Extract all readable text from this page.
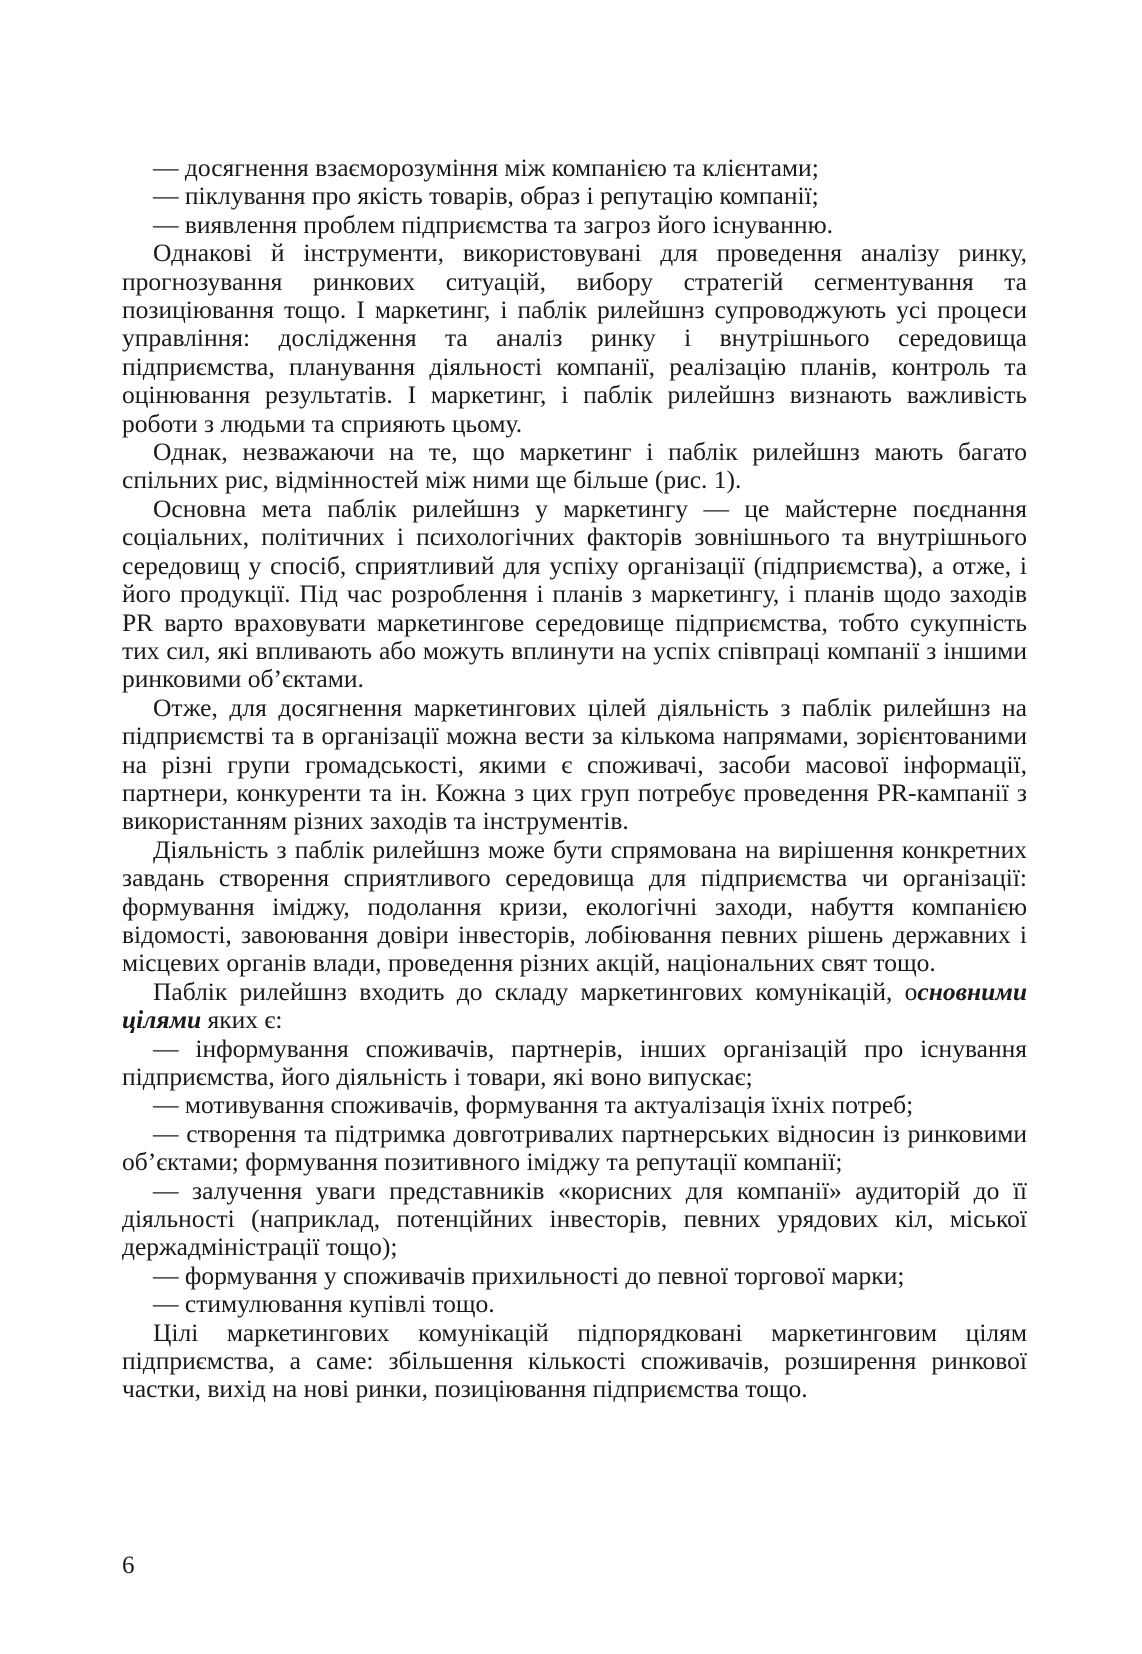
— досягнення взаєморозуміння між компанією та клієнтами;

— піклування про якість товарів, образ і репутацію компанії;

— виявлення проблем підприємства та загроз його існуванню.

Однакові й інструменти, використовувані для проведення аналізу ринку, прогнозування ринкових ситуацій, вибору стратегій сегментування та позиціювання тощо. І маркетинг, і паблік рилейшнз супроводжують усі процеси управління: дослідження та аналіз ринку і внутрішнього середовища підприємства, планування діяльності компанії, реалізацію планів, контроль та оцінювання результатів. І маркетинг, і паблік рилейшнз визнають важливість роботи з людьми та сприяють цьому.

Однак, незважаючи на те, що маркетинг і паблік рилейшнз мають багато спільних рис, відмінностей між ними ще більше (рис. 1).

Основна мета паблік рилейшнз у маркетингу — це майстерне поєднання соціальних, політичних і психологічних факторів зовнішнього та внутрішнього середовищ у спосіб, сприятливий для успіху організації (підприємства), а отже, і його продукції. Під час розроблення і планів з маркетингу, і планів щодо заходів PR варто враховувати маркетингове середовище підприємства, тобто сукупність тих сил, які впливають або можуть вплинути на успіх співпраці компанії з іншими ринковими об’єктами.

Отже, для досягнення маркетингових цілей діяльність з паблік рилейшнз на підприємстві та в організації можна вести за кількома напрямами, зорієнтованими на різні групи громадськості, якими є споживачі, засоби масової інформації, партнери, конкуренти та ін. Кожна з цих груп потребує проведення PR-кампанії з використанням різних заходів та інструментів.

Діяльність з паблік рилейшнз може бути спрямована на вирішення конкретних завдань створення сприятливого середовища для підприємства чи організації: формування іміджу, подолання кризи, екологічні заходи, набуття компанією відомості, завоювання довіри інвесторів, лобіювання певних рішень державних і місцевих органів влади, проведення різних акцій, національних свят тощо.

Паблік рилейшнз входить до складу маркетингових комунікацій, основними цілями яких є:

— інформування споживачів, партнерів, інших організацій про існування підприємства, його діяльність і товари, які воно випускає;

— мотивування споживачів, формування та актуалізація їхніх потреб;

— створення та підтримка довготривалих партнерських відносин із ринковими об’єктами; формування позитивного іміджу та репутації компанії;

— залучення уваги представників «корисних для компанії» аудиторій до її діяльності (наприклад, потенційних інвесторів, певних урядових кіл, міської держадміністрації тощо);

— формування у споживачів прихильності до певної торгової марки;

— стимулювання купівлі тощо.

Цілі маркетингових комунікацій підпорядковані маркетинговим цілям підприємства, а саме: збільшення кількості споживачів, розширення ринкової частки, вихід на нові ринки, позиціювання підприємства тощо.

6
